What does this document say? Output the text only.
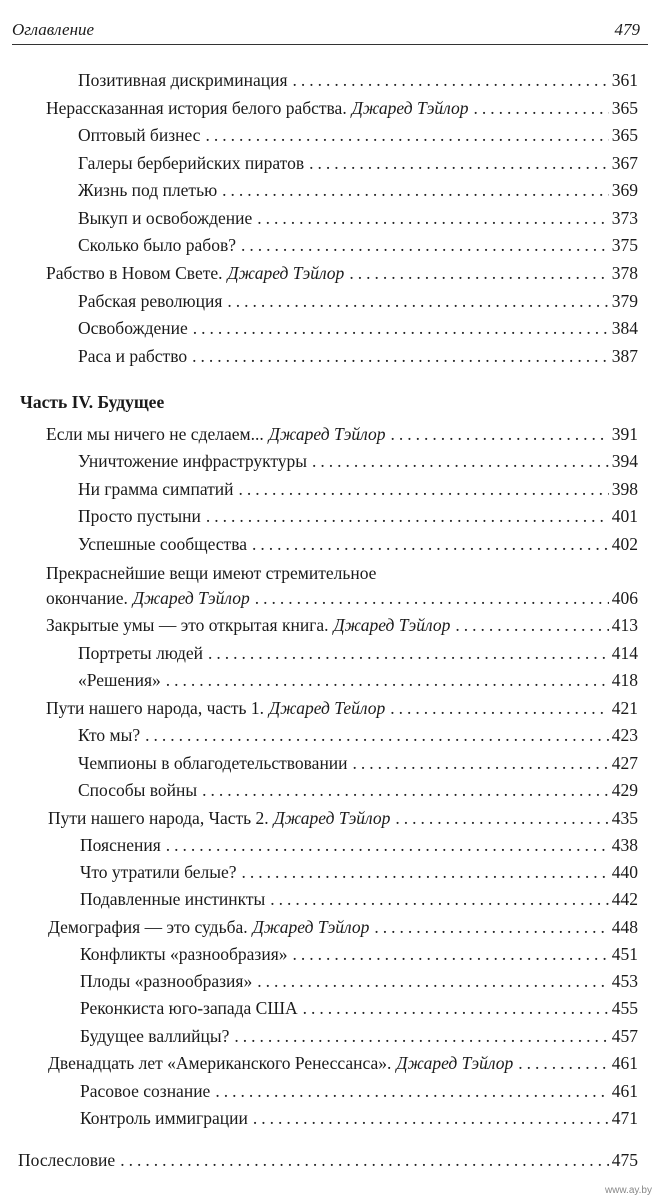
Оглавление	479
Позитивная дискриминация .....	361
Нерассказанная история белого рабства. Джаред Тэйлор .....	365
Оптовый бизнес .....	365
Галеры берберийских пиратов .....	367
Жизнь под плетью .....	369
Выкуп и освобождение .....	373
Сколько было рабов? .....	375
Рабство в Новом Свете. Джаред Тэйлор .....	378
Рабская революция .....	379
Освобождение .....	384
Раса и рабство .....	387
Часть IV. Будущее
Если мы ничего не сделаем... Джаред Тэйлор .....	391
Уничтожение инфраструктуры .....	394
Ни грамма симпатий .....	398
Просто пустыни .....	401
Успешные сообщества .....	402
Прекраснейшие вещи имеют стремительное
окончание. Джаред Тэйлор .....	406
Закрытые умы — это открытая книга. Джаред Тэйлор .....	413
Портреты людей .....	414
«Решения» .....	418
Пути нашего народа, часть 1. Джаред Тейлор .....	421
Кто мы? .....	423
Чемпионы в облагодетельствовании .....	427
Способы войны .....	429
Пути нашего народа, Часть 2. Джаред Тэйлор .....	435
Пояснения .....	438
Что утратили белые? .....	440
Подавленные инстинкты .....	442
Демография — это судьба. Джаред Тэйлор .....	448
Конфликты «разнообразия» .....	451
Плоды «разнообразия» .....	453
Реконкиста юго-запада США .....	455
Будущее валлийцы? .....	457
Двенадцать лет «Американского Ренессанса». Джаред Тэйлор .....	461
Расовое сознание .....	461
Контроль иммиграции .....	471
Послесловие .....	475
www.ay.by
